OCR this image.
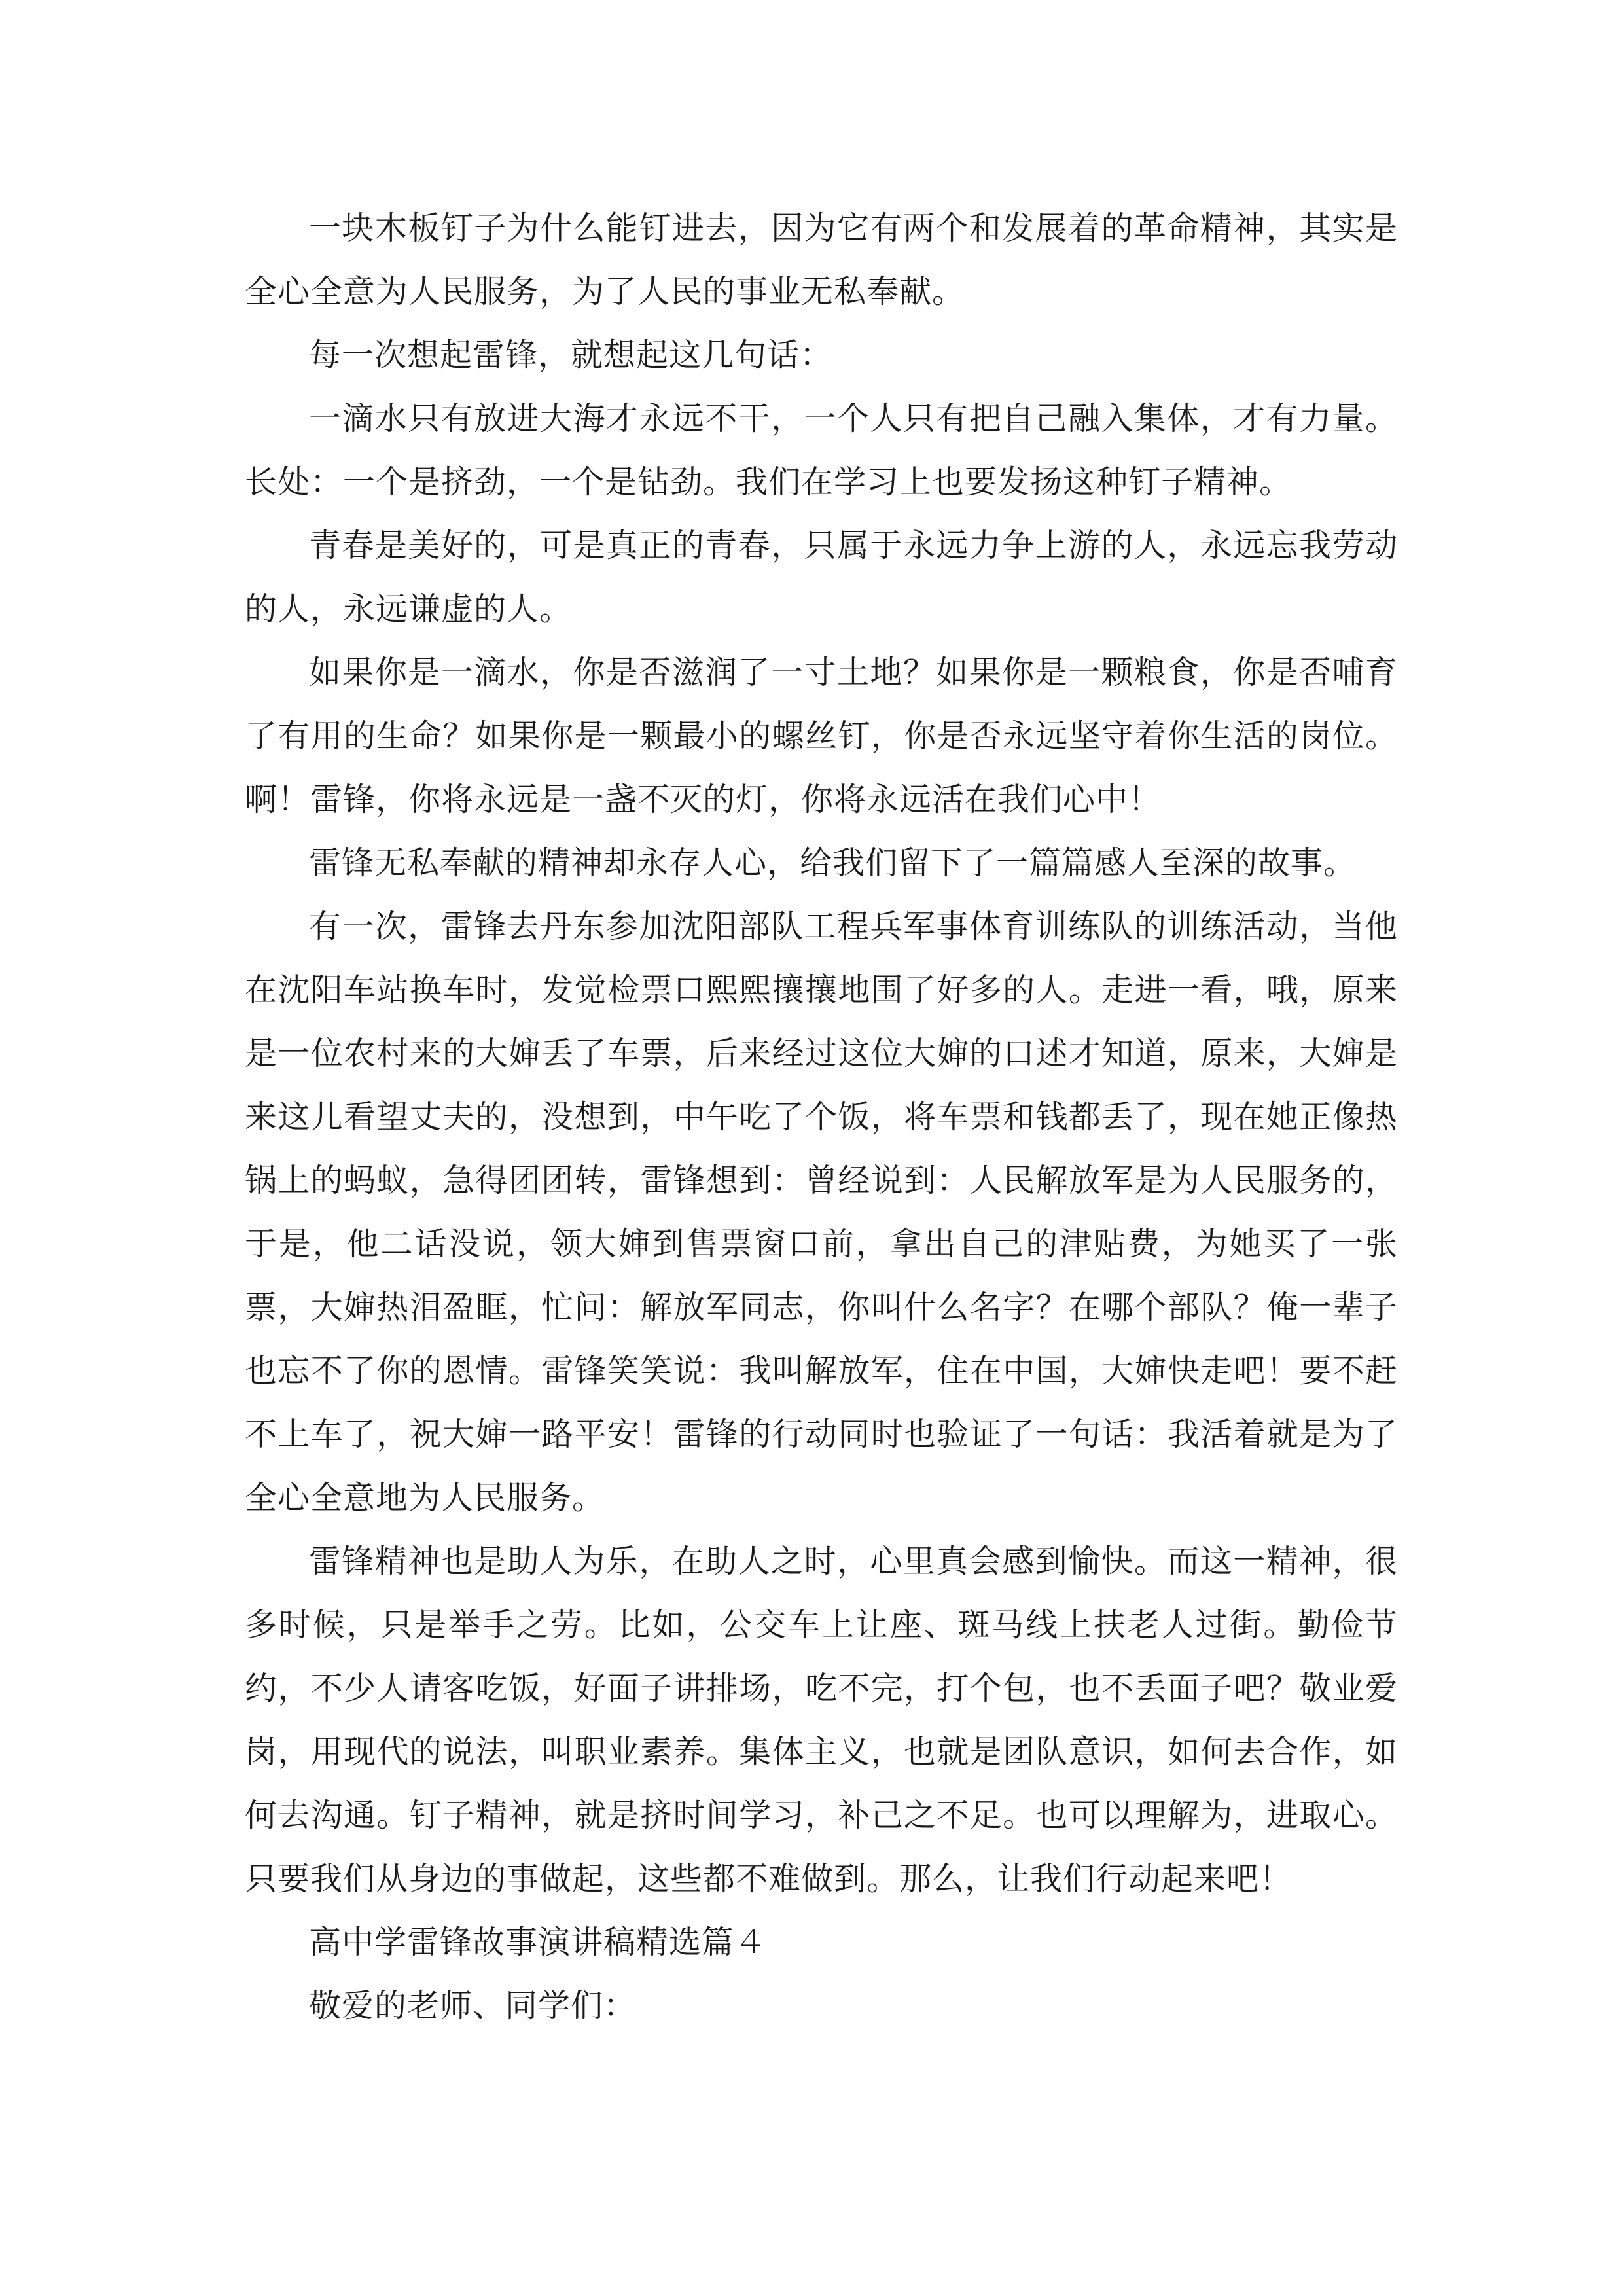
一块木板钉子为什么能钉进去，因为它有两个和发展着的革命精神，其实是全心全意为人民服务，为了人民的事业无私奉献。

每一次想起雷锋，就想起这几句话：

一滴水只有放进大海才永远不干，一个人只有把自己融入集体，才有力量。长处：一个是挤劲，一个是钻劲。我们在学习上也要发扬这种钉子精神。

青春是美好的，可是真正的青春，只属于永远力争上游的人，永远忘我劳动的人，永远谦虚的人。

如果你是一滴水，你是否滋润了一寸土地？如果你是一颗粮食，你是否哺育了有用的生命？如果你是一颗最小的螺丝钉，你是否永远坚守着你生活的岗位。啊！雷锋，你将永远是一盏不灭的灯，你将永远活在我们心中！

雷锋无私奉献的精神却永存人心，给我们留下了一篇篇感人至深的故事。

有一次，雷锋去丹东参加沈阳部队工程兵军事体育训练队的训练活动，当他在沈阳车站换车时，发觉检票口熙熙攘攘地围了好多的人。走进一看，哦，原来是一位农村来的大婶丢了车票，后来经过这位大婶的口述才知道，原来，大婶是来这儿看望丈夫的，没想到，中午吃了个饭，将车票和钱都丢了，现在她正像热锅上的蚂蚁，急得团团转，雷锋想到：曾经说到：人民解放军是为人民服务的，于是，他二话没说，领大婶到售票窗口前，拿出自己的津贴费，为她买了一张票，大婶热泪盈眶，忙问：解放军同志，你叫什么名字？在哪个部队？俺一辈子也忘不了你的恩情。雷锋笑笑说：我叫解放军，住在中国，大婶快走吧！要不赶不上车了，祝大婶一路平安！雷锋的行动同时也验证了一句话：我活着就是为了全心全意地为人民服务。

雷锋精神也是助人为乐，在助人之时，心里真会感到愉快。而这一精神，很多时候，只是举手之劳。比如，公交车上让座、斑马线上扶老人过街。勤俭节约，不少人请客吃饭，好面子讲排场，吃不完，打个包，也不丢面子吧？敬业爱岗，用现代的说法，叫职业素养。集体主义，也就是团队意识，如何去合作，如何去沟通。钉子精神，就是挤时间学习，补己之不足。也可以理解为，进取心。只要我们从身边的事做起，这些都不难做到。那么，让我们行动起来吧！

高中学雷锋故事演讲稿精选篇４

敬爱的老师、同学们：
